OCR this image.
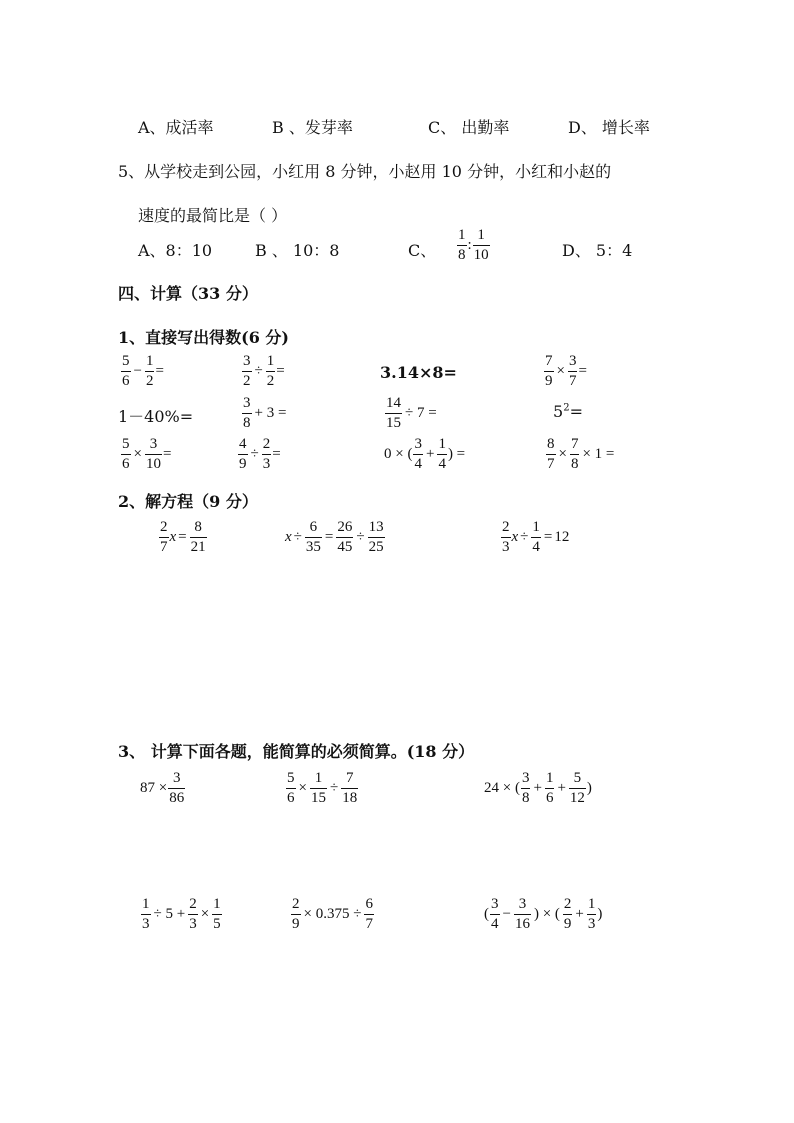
A、成活率	B 、发芽率	C、 出勤率	D、 增长率
5、从学校走到公园，小红用 8 分钟，小赵用 10 分钟，小红和小赵的
速度的最简比是（ ）
A、8：10	B 、 10：8	C、 $\frac{1}{8}$ : $\frac{1}{10}$	D、 5：4
四、计算（33 分）
1、直接写出得数(6 分)
$\frac{5}{6} - \frac{1}{2}$ =	$\frac{3}{2} \div \frac{1}{2}$ =	3.14×8=	$\frac{7}{9} \times \frac{3}{7}$ =
1－40%=	$\frac{3}{8} + 3$ =	$\frac{14}{15} \div 7$ =	$5^2=$
$\frac{5}{6} \times \frac{3}{10}$ =	$\frac{4}{9} \div \frac{2}{3}$ =	0 × ( $\frac{3}{4} + \frac{1}{4}$ ) =	$\frac{8}{7} \times \frac{7}{8} \times 1$ =
2、解方程（9 分）
$\frac{2}{7}$ $x = \frac{8}{21}$	$x \div \frac{6}{35} = \frac{26}{45} \div \frac{13}{25}$	$\frac{2}{3}$ $x \div \frac{1}{4} = 12$
3、 计算下面各题，能简算的必须简算。(18 分）
$87 \times \frac{3}{86}$	$\frac{5}{6} \times \frac{1}{15} \div \frac{7}{18}$	24 × ( $\frac{3}{8} + \frac{1}{6} + \frac{5}{12}$ )
$\frac{1}{3} \div 5 + \frac{2}{3} \times \frac{1}{5}$	$\frac{2}{9} \times 0.375 \div \frac{6}{7}$	( $\frac{3}{4} - \frac{3}{16}$ ) × ( $\frac{2}{9} + \frac{1}{3}$ )
